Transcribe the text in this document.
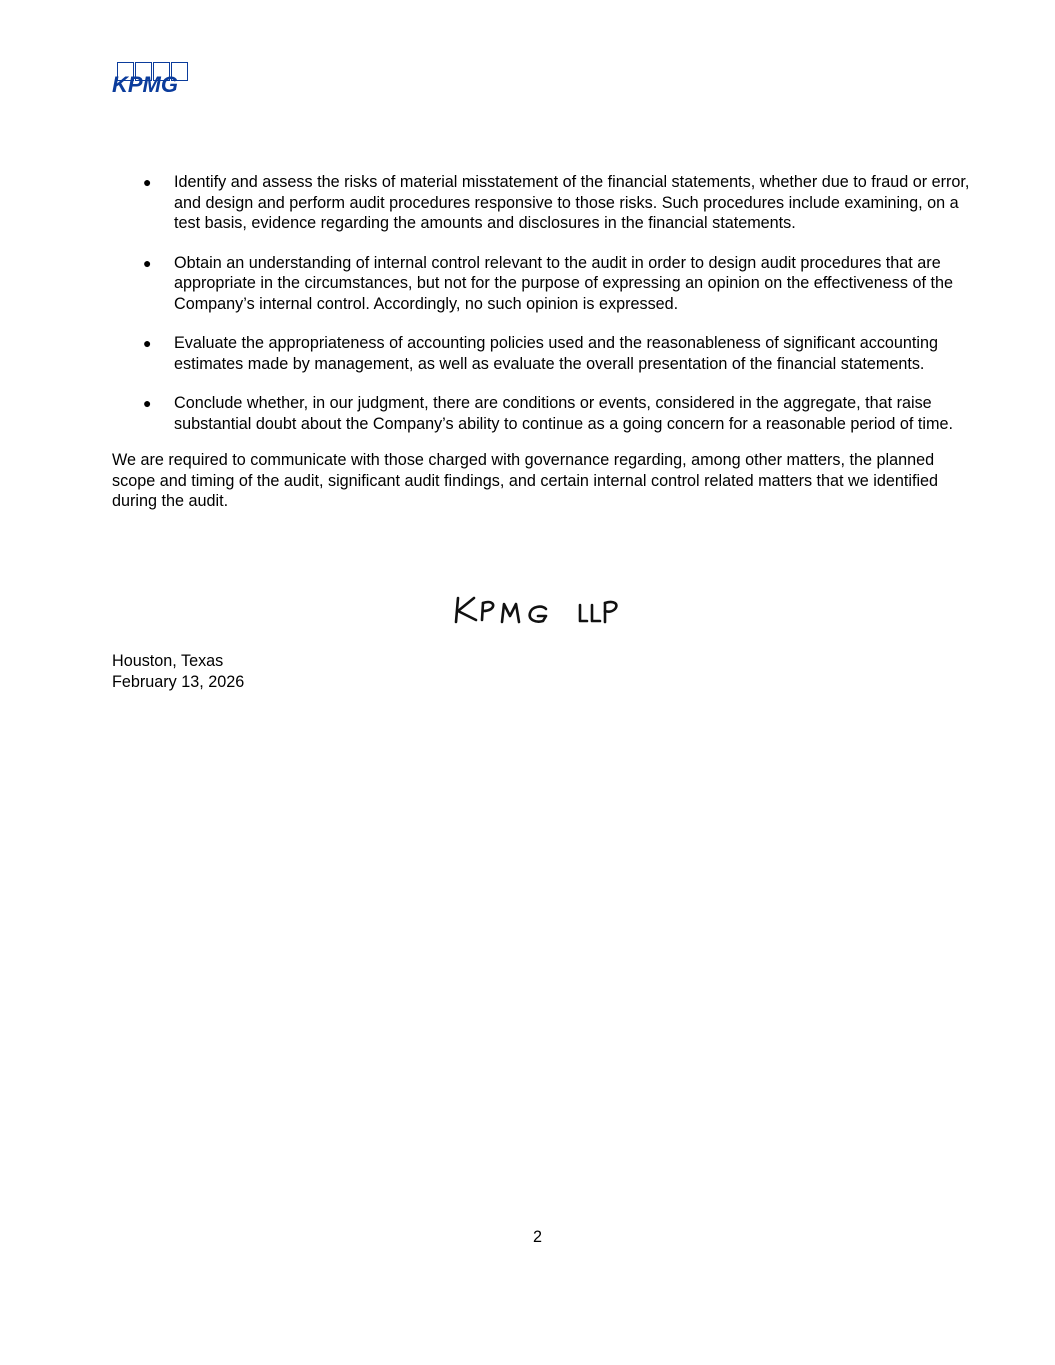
KPMG
● Identify and assess the risks of material misstatement of the financial statements, whether due to fraud or error, and design and perform audit procedures responsive to those risks. Such procedures include examining, on a test basis, evidence regarding the amounts and disclosures in the financial statements.
● Obtain an understanding of internal control relevant to the audit in order to design audit procedures that are appropriate in the circumstances, but not for the purpose of expressing an opinion on the effectiveness of the Company’s internal control. Accordingly, no such opinion is expressed.
● Evaluate the appropriateness of accounting policies used and the reasonableness of significant accounting estimates made by management, as well as evaluate the overall presentation of the financial statements.
● Conclude whether, in our judgment, there are conditions or events, considered in the aggregate, that raise substantial doubt about the Company’s ability to continue as a going concern for a reasonable period of time.

We are required to communicate with those charged with governance regarding, among other matters, the planned scope and timing of the audit, significant audit findings, and certain internal control related matters that we identified during the audit.

Houston, Texas
February 13, 2026
2
